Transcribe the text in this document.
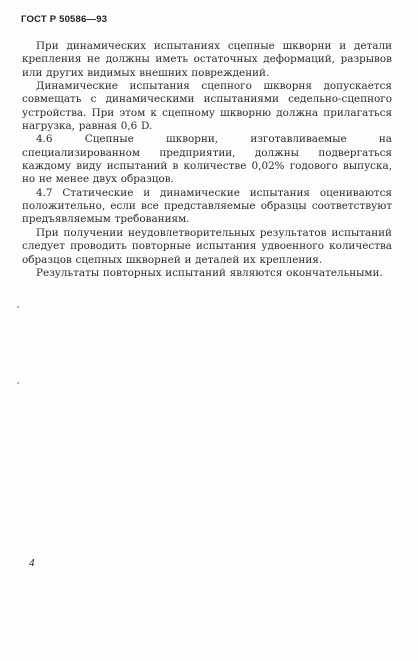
ГОСТ Р 50586—93

При динамических испытаниях сцепные шкворни и детали крепления не должны иметь остаточных деформаций, разрывов или других видимых внешних повреждений.

Динамические испытания сцепного шкворня допускается совмещать с динамическими испытаниями седельно-сцепного устройства. При этом к сцепному шкворню должна прилагаться нагрузка, равная 0,6 D.

4.6 Сцепные шкворни, изготавливаемые на специализированном предприятии, должны подвергаться каждому виду испытаний в количестве 0,02% годового выпуска, но не менее двух образцов.

4.7 Статические и динамические испытания оцениваются положительно, если все представляемые образцы соответствуют предъявляемым требованиям.

При получении неудовлетворительных результатов испытаний следует проводить повторные испытания удвоенного количества образцов сцепных шкворней и деталей их крепления.

Результаты повторных испытаний являются окончательными.

4
